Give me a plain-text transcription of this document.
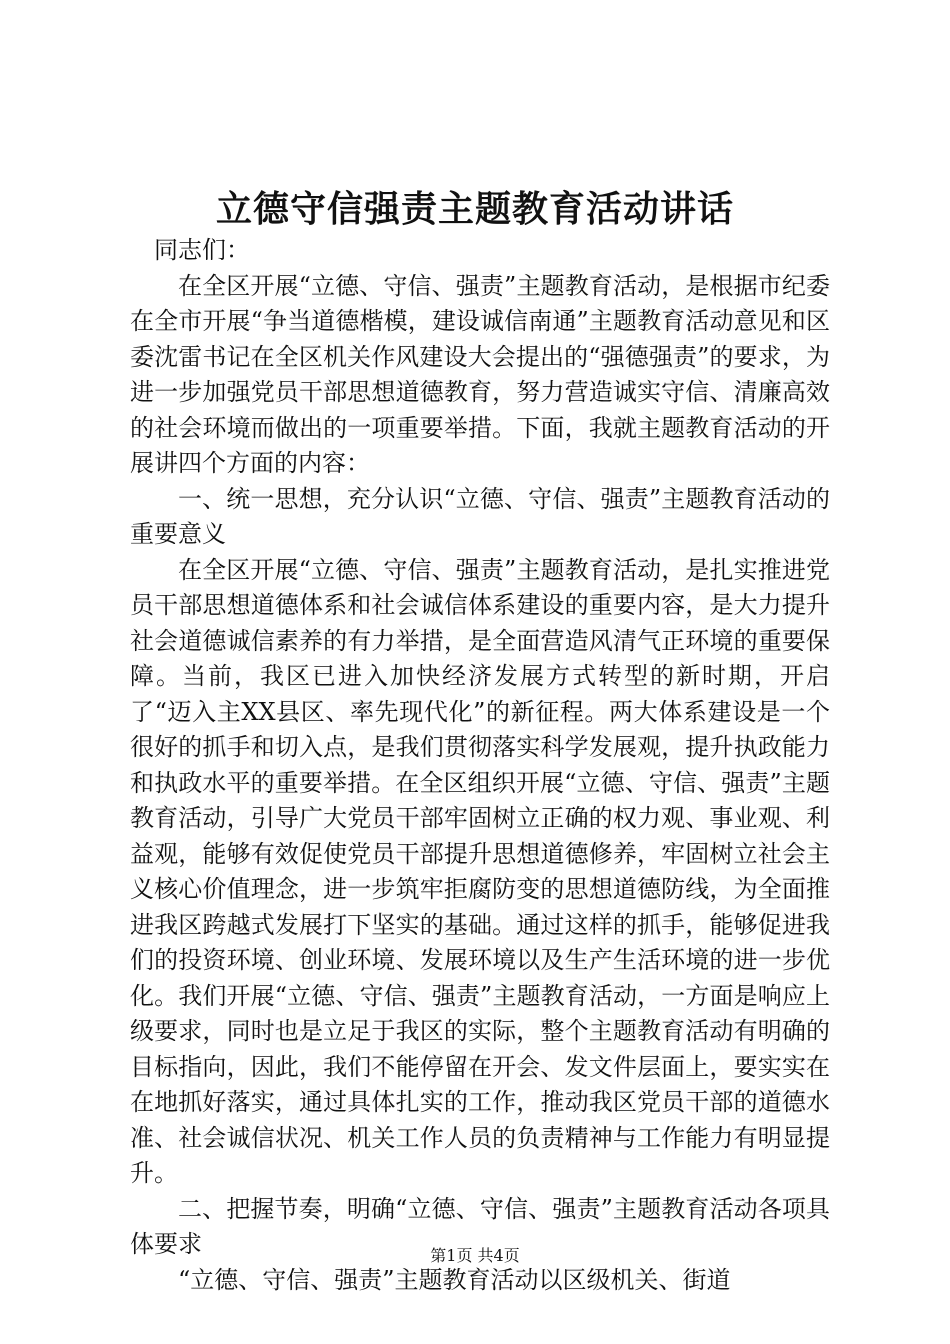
立德守信强责主题教育活动讲话

同志们：

在全区开展“立德、守信、强责”主题教育活动，是根据市纪委在全市开展“争当道德楷模，建设诚信南通”主题教育活动意见和区委沈雷书记在全区机关作风建设大会提出的“强德强责”的要求，为进一步加强党员干部思想道德教育，努力营造诚实守信、清廉高效的社会环境而做出的一项重要举措。下面，我就主题教育活动的开展讲四个方面的内容：

一、统一思想，充分认识“立德、守信、强责”主题教育活动的重要意义

在全区开展“立德、守信、强责”主题教育活动，是扎实推进党员干部思想道德体系和社会诚信体系建设的重要内容，是大力提升社会道德诚信素养的有力举措，是全面营造风清气正环境的重要保障。当前，我区已进入加快经济发展方式转型的新时期，开启了“迈入主XX县区、率先现代化”的新征程。两大体系建设是一个很好的抓手和切入点，是我们贯彻落实科学发展观，提升执政能力和执政水平的重要举措。在全区组织开展“立德、守信、强责”主题教育活动，引导广大党员干部牢固树立正确的权力观、事业观、利益观，能够有效促使党员干部提升思想道德修养，牢固树立社会主义核心价值理念，进一步筑牢拒腐防变的思想道德防线，为全面推进我区跨越式发展打下坚实的基础。通过这样的抓手，能够促进我们的投资环境、创业环境、发展环境以及生产生活环境的进一步优化。我们开展“立德、守信、强责”主题教育活动，一方面是响应上级要求，同时也是立足于我区的实际，整个主题教育活动有明确的目标指向，因此，我们不能停留在开会、发文件层面上，要实实在在地抓好落实，通过具体扎实的工作，推动我区党员干部的道德水准、社会诚信状况、机关工作人员的负责精神与工作能力有明显提升。

二、把握节奏，明确“立德、守信、强责”主题教育活动各项具体要求

“立德、守信、强责”主题教育活动以区级机关、街道

第1页 共4页
